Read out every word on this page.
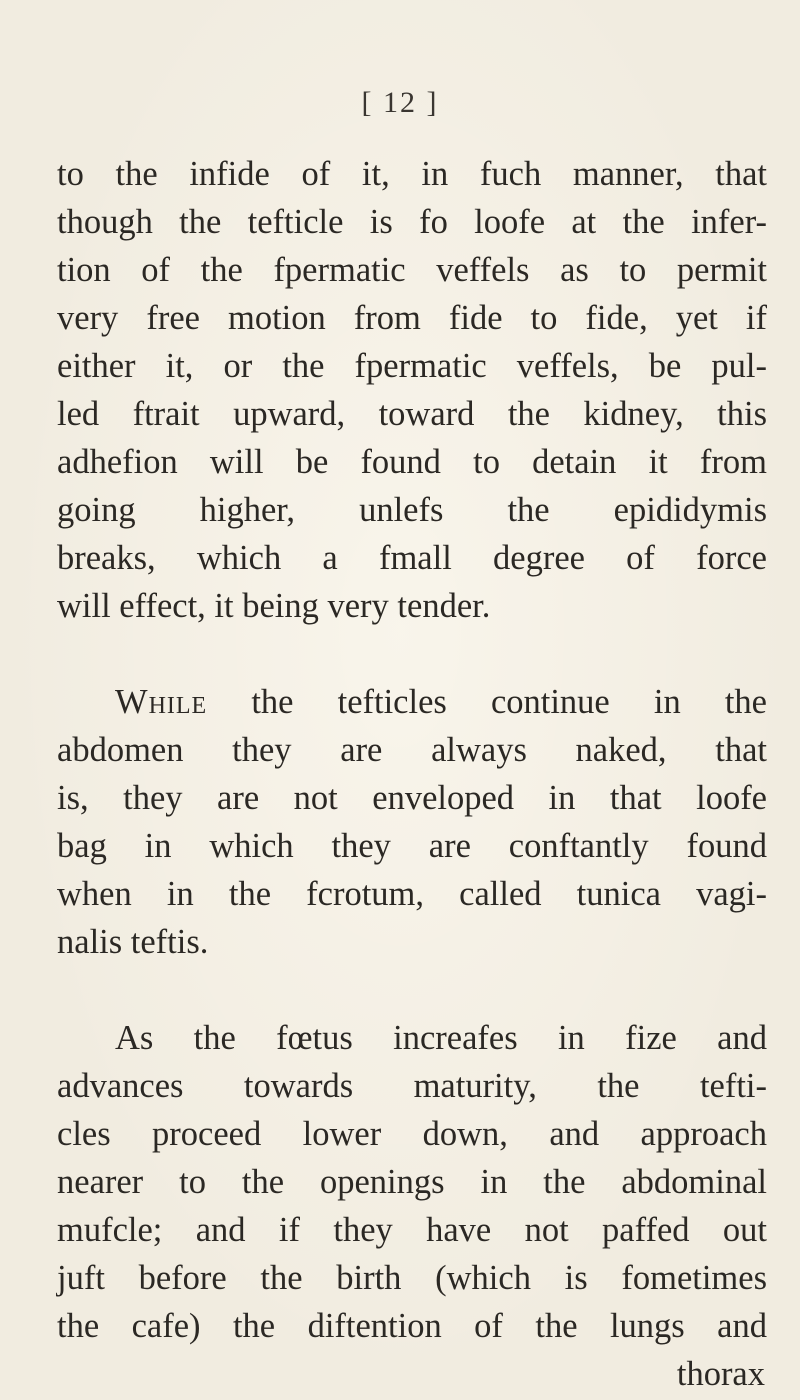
[ 12 ]
to the infide of it, in fuch manner, that
though the tefticle is fo loofe at the infer-
tion of the fpermatic veffels as to permit
very free motion from fide to fide, yet if
either it, or the fpermatic veffels, be pul-
led ftrait upward, toward the kidney, this
adhefion will be found to detain it from
going higher, unlefs the epididymis
breaks, which a fmall degree of force
will effect, it being very tender.
While the tefticles continue in the
abdomen they are always naked, that
is, they are not enveloped in that loofe
bag in which they are conftantly found
when in the fcrotum, called tunica vagi-
nalis teftis.
As the fœtus increafes in fize and
advances towards maturity, the tefti-
cles proceed lower down, and approach
nearer to the openings in the abdominal
mufcle; and if they have not paffed out
juft before the birth (which is fometimes
the cafe) the diftention of the lungs and
thorax
